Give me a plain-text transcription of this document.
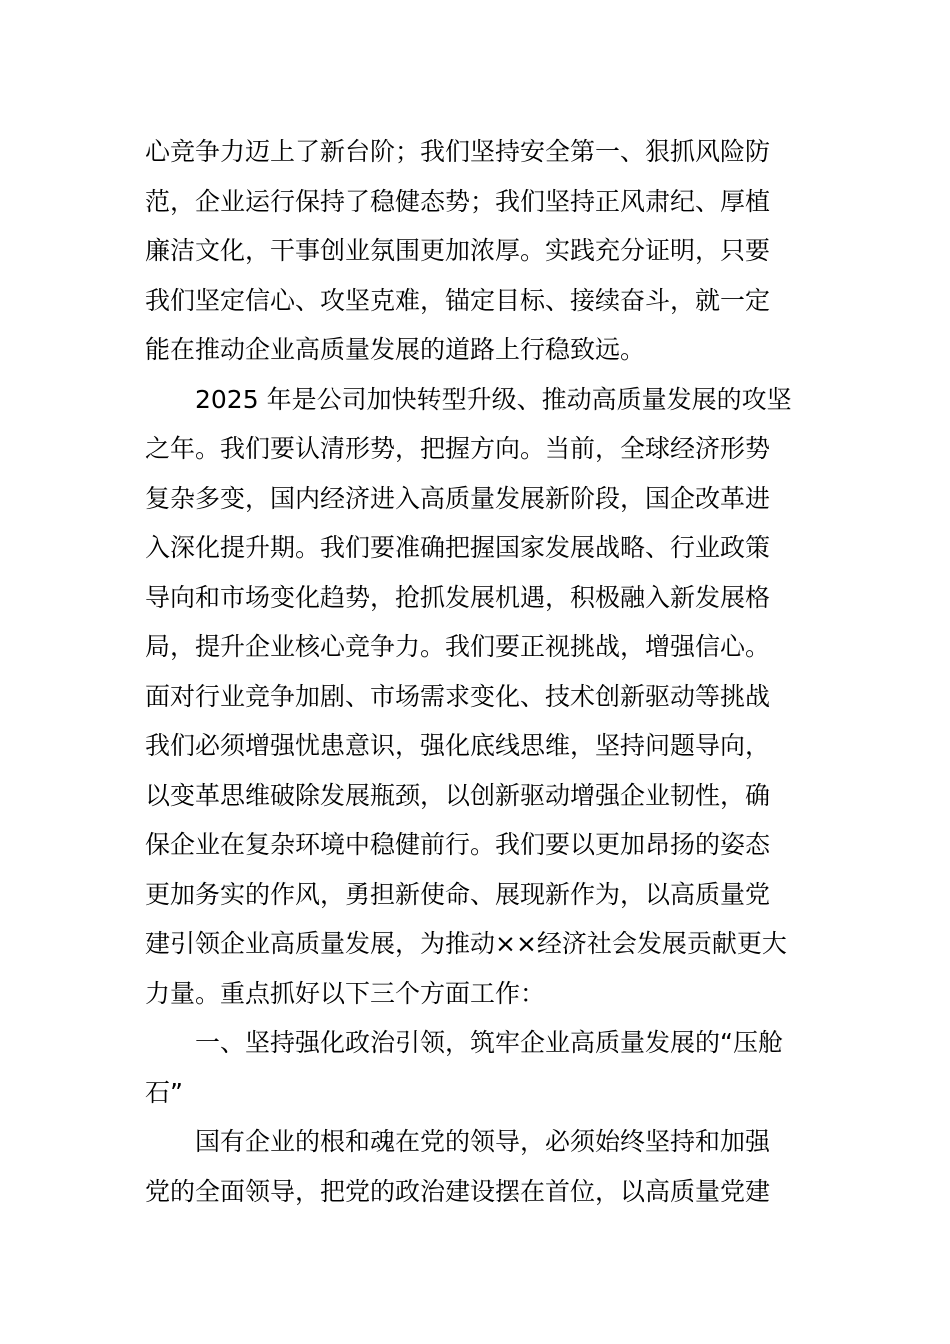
心竞争力迈上了新台阶；我们坚持安全第一、狠抓风险防
范，企业运行保持了稳健态势；我们坚持正风肃纪、厚植
廉洁文化，干事创业氛围更加浓厚。实践充分证明，只要
我们坚定信心、攻坚克难，锚定目标、接续奋斗，就一定
能在推动企业高质量发展的道路上行稳致远。
2025 年是公司加快转型升级、推动高质量发展的攻坚
之年。我们要认清形势，把握方向。当前，全球经济形势
复杂多变，国内经济进入高质量发展新阶段，国企改革进
入深化提升期。我们要准确把握国家发展战略、行业政策
导向和市场变化趋势，抢抓发展机遇，积极融入新发展格
局，提升企业核心竞争力。我们要正视挑战，增强信心。
面对行业竞争加剧、市场需求变化、技术创新驱动等挑战
我们必须增强忧患意识，强化底线思维，坚持问题导向，
以变革思维破除发展瓶颈，以创新驱动增强企业韧性，确
保企业在复杂环境中稳健前行。我们要以更加昂扬的姿态
更加务实的作风，勇担新使命、展现新作为，以高质量党
建引领企业高质量发展，为推动××经济社会发展贡献更大
力量。重点抓好以下三个方面工作：
一、坚持强化政治引领，筑牢企业高质量发展的“压舱
石”
国有企业的根和魂在党的领导，必须始终坚持和加强
党的全面领导，把党的政治建设摆在首位，以高质量党建
